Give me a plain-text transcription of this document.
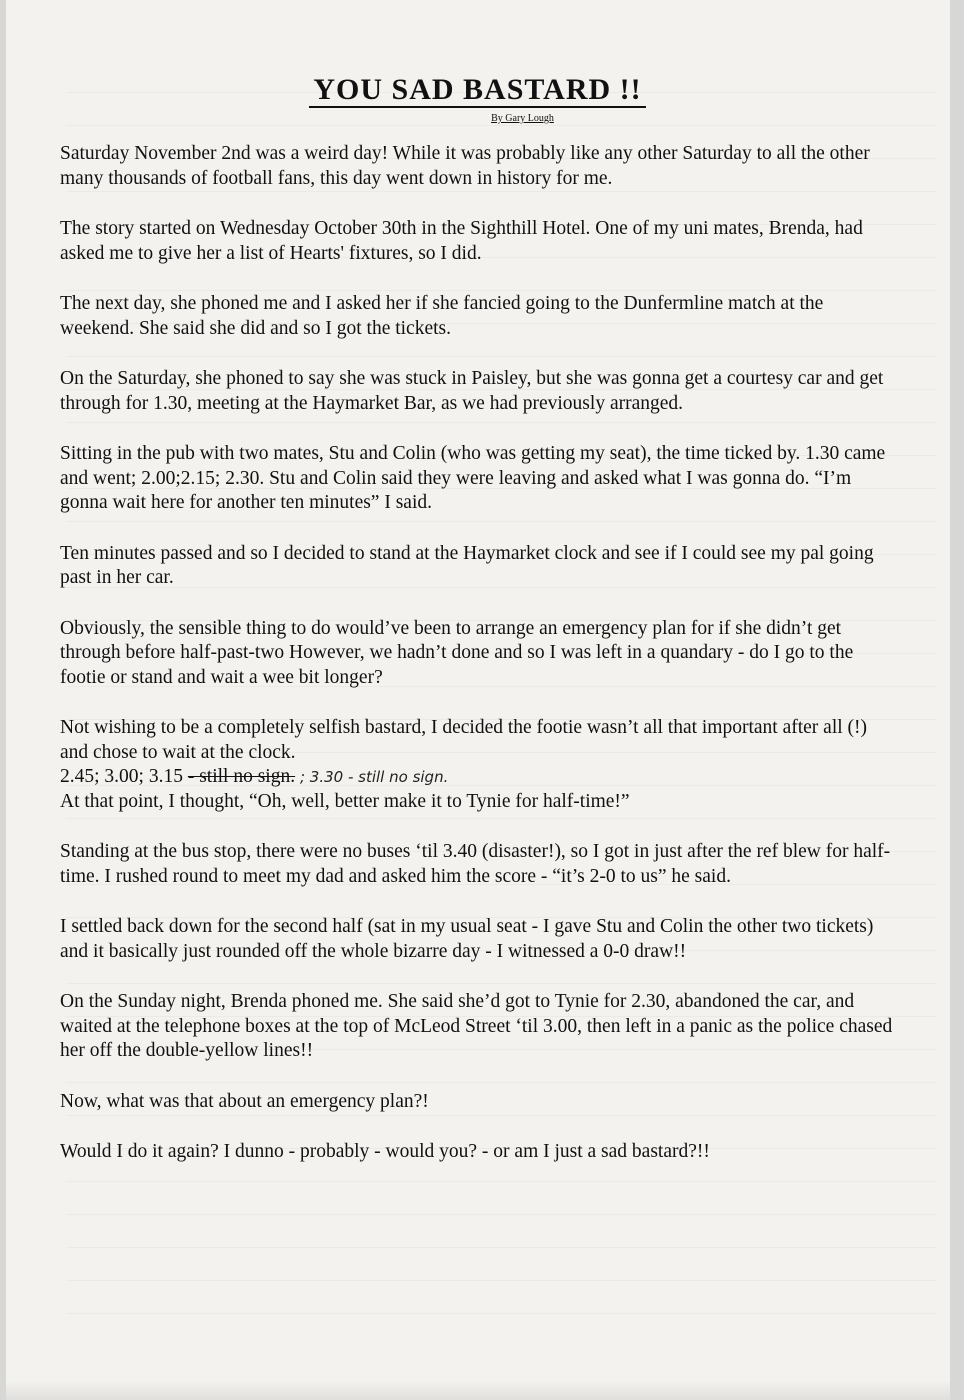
YOU SAD BASTARD !!
By Gary Lough

Saturday November 2nd was a weird day! While it was probably like any other Saturday to all the other many thousands of football fans, this day went down in history for me.

The story started on Wednesday October 30th in the Sighthill Hotel. One of my uni mates, Brenda, had asked me to give her a list of Hearts' fixtures, so I did.

The next day, she phoned me and I asked her if she fancied going to the Dunfermline match at the weekend. She said she did and so I got the tickets.

On the Saturday, she phoned to say she was stuck in Paisley, but she was gonna get a courtesy car and get through for 1.30, meeting at the Haymarket Bar, as we had previously arranged.

Sitting in the pub with two mates, Stu and Colin (who was getting my seat), the time ticked by. 1.30 came and went; 2.00;2.15; 2.30. Stu and Colin said they were leaving and asked what I was gonna do. “I’m gonna wait here for another ten minutes” I said.

Ten minutes passed and so I decided to stand at the Haymarket clock and see if I could see my pal going past in her car.

Obviously, the sensible thing to do would’ve been to arrange an emergency plan for if she didn’t get through before half-past-two However, we hadn’t done and so I was left in a quandary - do I go to the footie or stand and wait a wee bit longer?

Not wishing to be a completely selfish bastard, I decided the footie wasn’t all that important after all (!) and chose to wait at the clock.

2.45; 3.00; 3.15 - still no sign. ; 3.30 - still no sign.

At that point, I thought, “Oh, well, better make it to Tynie for half-time!”

Standing at the bus stop, there were no buses ‘til 3.40 (disaster!), so I got in just after the ref blew for half-time. I rushed round to meet my dad and asked him the score - “it’s 2-0 to us” he said.

I settled back down for the second half (sat in my usual seat - I gave Stu and Colin the other two tickets) and it basically just rounded off the whole bizarre day - I witnessed a 0-0 draw!!

On the Sunday night, Brenda phoned me. She said she’d got to Tynie for 2.30, abandoned the car, and waited at the telephone boxes at the top of McLeod Street ‘til 3.00, then left in a panic as the police chased her off the double-yellow lines!!

Now, what was that about an emergency plan?!

Would I do it again? I dunno - probably - would you? - or am I just a sad bastard?!!
